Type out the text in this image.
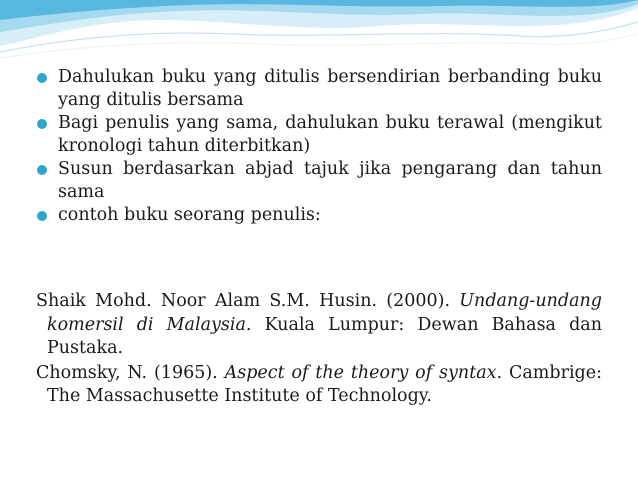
Dahulukan buku yang ditulis bersendirian berbanding buku yang ditulis bersama
Bagi penulis yang sama, dahulukan buku terawal (mengikut kronologi tahun diterbitkan)
Susun berdasarkan abjad tajuk jika pengarang dan tahun sama
contoh buku seorang penulis:

Shaik Mohd. Noor Alam S.M. Husin. (2000). Undang-undang komersil di Malaysia. Kuala Lumpur: Dewan Bahasa dan Pustaka.

Chomsky, N. (1965). Aspect of the theory of syntax. Cambrige: The Massachusette Institute of Technology.
